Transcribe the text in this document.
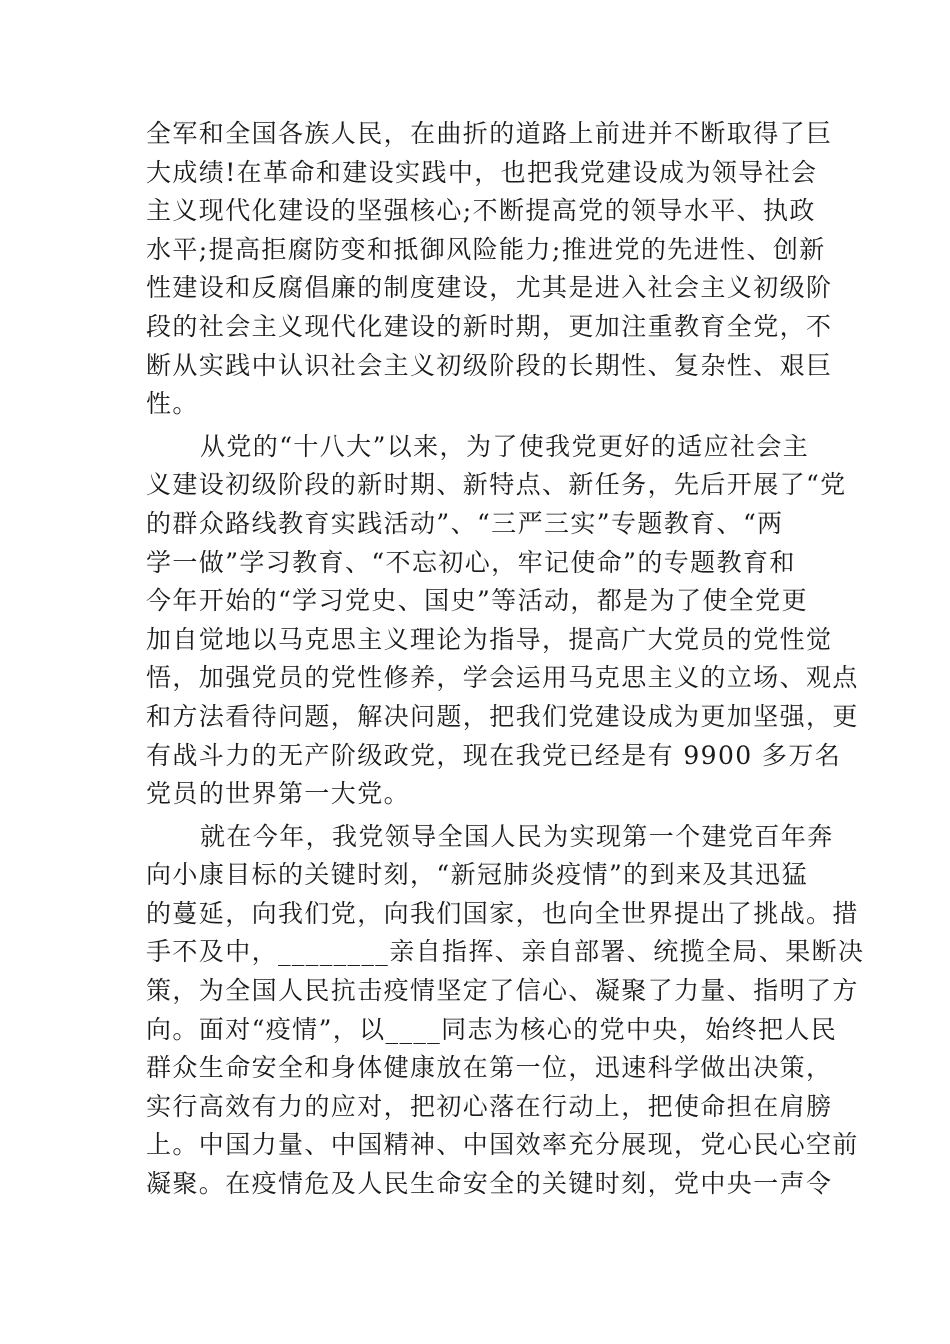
全军和全国各族人民，在曲折的道路上前进并不断取得了巨
大成绩!在革命和建设实践中，也把我党建设成为领导社会
主义现代化建设的坚强核心;不断提高党的领导水平、执政
水平;提高拒腐防变和抵御风险能力;推进党的先进性、创新
性建设和反腐倡廉的制度建设，尤其是进入社会主义初级阶
段的社会主义现代化建设的新时期，更加注重教育全党，不
断从实践中认识社会主义初级阶段的长期性、复杂性、艰巨
性。
从党的“十八大”以来，为了使我党更好的适应社会主
义建设初级阶段的新时期、新特点、新任务，先后开展了“党
的群众路线教育实践活动”、“三严三实”专题教育、“两
学一做”学习教育、“不忘初心，牢记使命”的专题教育和
今年开始的“学习党史、国史”等活动，都是为了使全党更
加自觉地以马克思主义理论为指导，提高广大党员的党性觉
悟，加强党员的党性修养，学会运用马克思主义的立场、观点
和方法看待问题，解决问题，把我们党建设成为更加坚强，更
有战斗力的无产阶级政党，现在我党已经是有 9900 多万名
党员的世界第一大党。
就在今年，我党领导全国人民为实现第一个建党百年奔
向小康目标的关键时刻，“新冠肺炎疫情”的到来及其迅猛
的蔓延，向我们党，向我们国家，也向全世界提出了挑战。措
手不及中，________亲自指挥、亲自部署、统揽全局、果断决
策，为全国人民抗击疫情坚定了信心、凝聚了力量、指明了方
向。面对“疫情”，以____同志为核心的党中央，始终把人民
群众生命安全和身体健康放在第一位，迅速科学做出决策，
实行高效有力的应对，把初心落在行动上，把使命担在肩膀
上。中国力量、中国精神、中国效率充分展现，党心民心空前
凝聚。在疫情危及人民生命安全的关键时刻，党中央一声令
